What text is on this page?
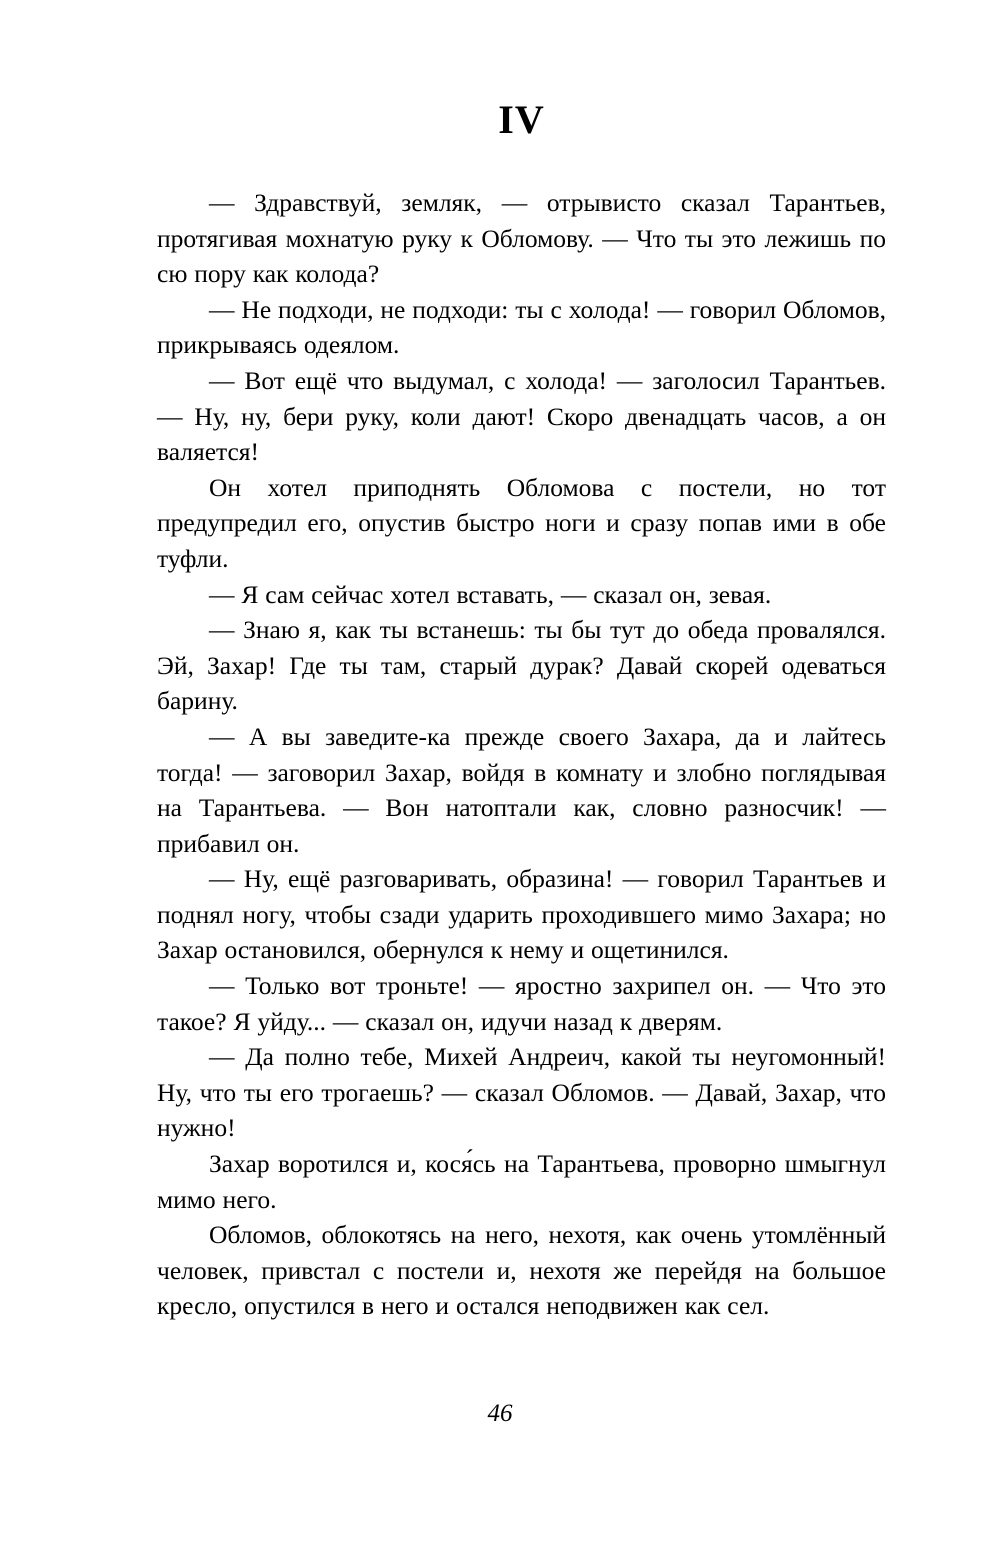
IV

— Здравствуй, земляк, — отрывисто сказал Тарантьев, протягивая мохнатую руку к Обломову. — Что ты это лежишь по сю пору как колода?

— Не подходи, не подходи: ты с холода! — говорил Обломов, прикрываясь одеялом.

— Вот ещё что выдумал, с холода! — заголосил Тарантьев. — Ну, ну, бери руку, коли дают! Скоро двенадцать часов, а он валяется!

Он хотел приподнять Обломова с постели, но тот предупредил его, опустив быстро ноги и сразу попав ими в обе туфли.

— Я сам сейчас хотел вставать, — сказал он, зевая.

— Знаю я, как ты встанешь: ты бы тут до обеда провалялся. Эй, Захар! Где ты там, старый дурак? Давай скорей одеваться барину.

— А вы заведите-ка прежде своего Захара, да и лайтесь тогда! — заговорил Захар, войдя в комнату и злобно поглядывая на Тарантьева. — Вон натоптали как, словно разносчик! — прибавил он.

— Ну, ещё разговаривать, образина! — говорил Тарантьев и поднял ногу, чтобы сзади ударить проходившего мимо Захара; но Захар остановился, обернулся к нему и ощетинился.

— Только вот троньте! — яростно захрипел он. — Что это такое? Я уйду... — сказал он, идучи назад к дверям.

— Да полно тебе, Михей Андреич, какой ты неугомонный! Ну, что ты его трогаешь? — сказал Обломов. — Давай, Захар, что нужно!

Захар воротился и, кося́сь на Тарантьева, проворно шмыгнул мимо него.

Обломов, облокотясь на него, нехотя, как очень утомлённый человек, привстал с постели и, нехотя же перейдя на большое кресло, опустился в него и остался неподвижен как сел.

46
